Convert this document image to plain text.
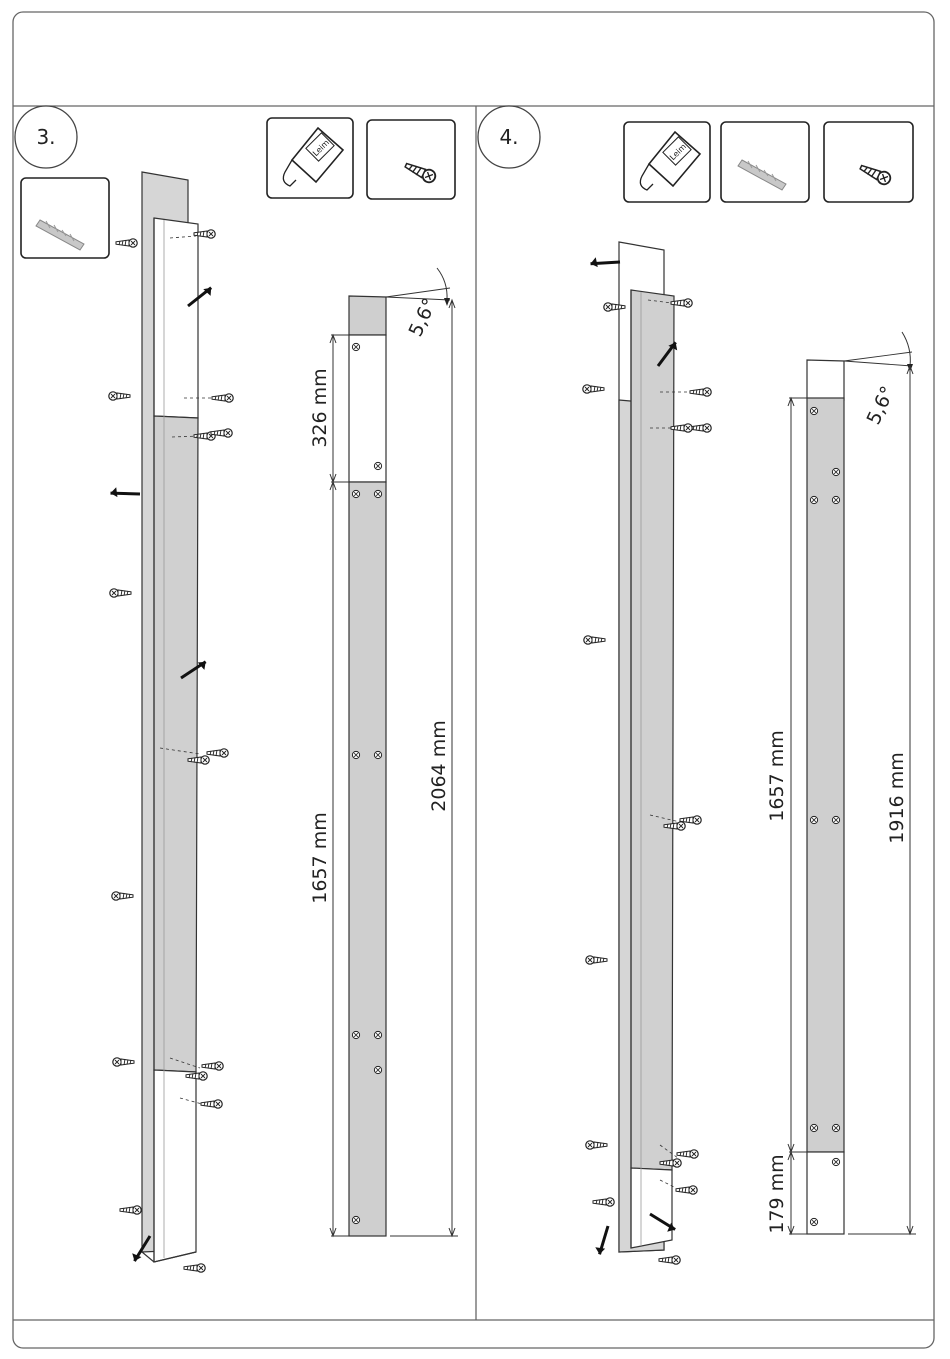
3.	Leim
5,6°
326 mm
1657 mm
2064 mm
4.
Leim
5,6°
1657 mm
179 mm
1916 mm
